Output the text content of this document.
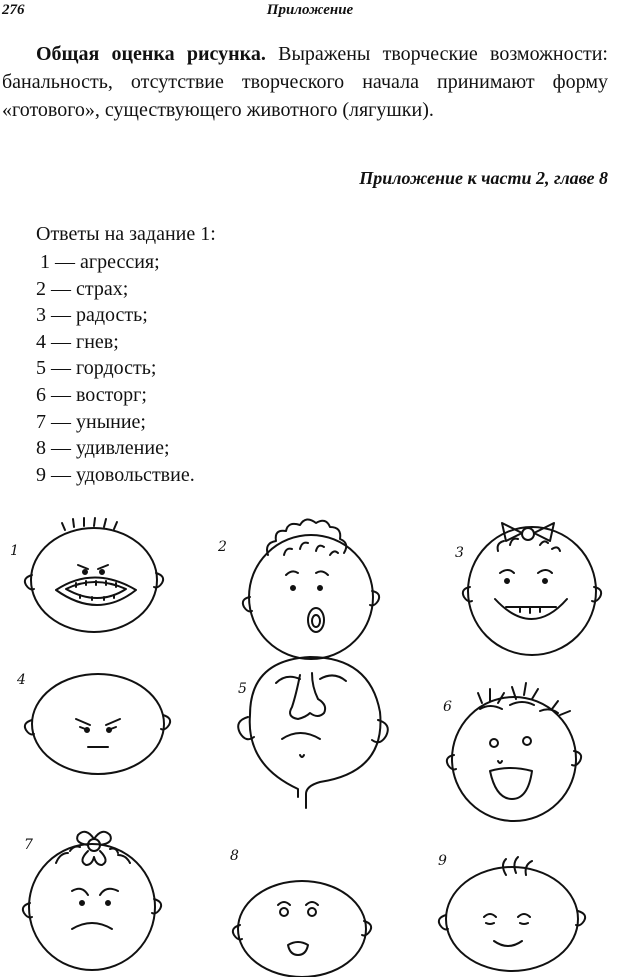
276	Приложение

Общая оценка рисунка. Выражены творческие возможности: банальность, отсутствие творческого начала принимают форму «готового», существующего животного (лягушки).

Приложение к части 2, главе 8
Ответы на задание 1:
1 — агрессия;
2 — страх;
3 — радость;
4 — гнев;
5 — гордость;
6 — восторг;
7 — уныние;
8 — удивление;
9 — удовольствие.
1	2	3
4
5
6
7
8	9
